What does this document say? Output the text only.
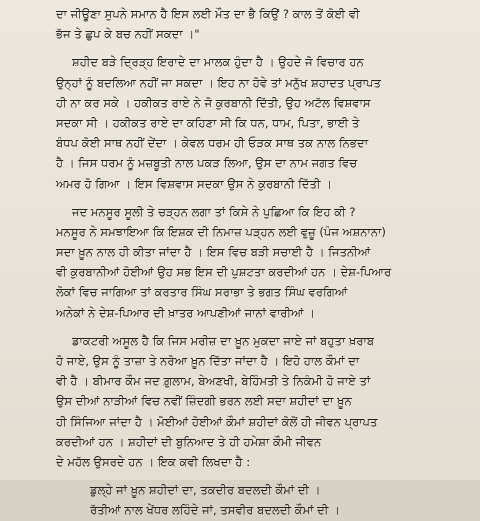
ਦਾ ਜੀਊਣਾ ਸੁਪਨੇ ਸਮਾਨ ਹੈ ਇਸ ਲਈ ਮੌਤ ਦਾ ਭੈ ਕਿਉਂ ? ਕਾਲ ਤੋਂ ਕੋਈ ਵੀ
ਭੱਜ ਤੇ ਛੁਪ ਕੇ ਬਚ ਨਹੀਂ ਸਕਦਾ ।"
ਸ਼ਹੀਦ ਬੜੇ ਦ੍ਰਿੜ੍ਹ ਇਰਾਦੇ ਦਾ ਮਾਲਕ ਹੁੰਦਾ ਹੈ । ਉਹਦੇ ਜੋ ਵਿਚਾਰ ਹਨ
ਉਨ੍ਹਾਂ ਨੂੰ ਬਦਲਿਆ ਨਹੀਂ ਜਾ ਸਕਦਾ । ਇਹ ਨਾ ਹੋਵੇ ਤਾਂ ਮਨੁੱਖ ਸ਼ਹਾਦਤ ਪ੍ਰਾਪਤ
ਹੀ ਨਾ ਕਰ ਸਕੇ । ਹਕੀਕਤ ਰਾਏ ਨੇ ਜੋ ਕੁਰਬਾਨੀ ਦਿੱਤੀ, ਉਹ ਅਟੱਲ ਵਿਸ਼ਵਾਸ
ਸਦਕਾ ਸੀ । ਹਕੀਕਤ ਰਾਏ ਦਾ ਕਹਿਣਾ ਸੀ ਕਿ ਧਨ, ਧਾਮ, ਪਿਤਾ, ਭਾਈ ਤੇ
ਬੰਧਪ ਕੋਈ ਸਾਥ ਨਹੀਂ ਦੇਂਦਾ । ਕੇਵਲ ਧਰਮ ਹੀ ਓੜਕ ਸਾਥ ਤਕ ਨਾਲ ਨਿਭਦਾ
ਹੈ । ਜਿਸ ਧਰਮ ਨੂੰ ਮਜ਼ਬੂਤੀ ਨਾਲ ਪਕੜ ਲਿਆ, ਉਸ ਦਾ ਨਾਮ ਜਗਤ ਵਿਚ
ਅਮਰ ਹੋ ਗਿਆ । ਇਸ ਵਿਸ਼ਵਾਸ ਸਦਕਾ ਉਸ ਨੇ ਕੁਰਬਾਨੀ ਦਿੱਤੀ ।
ਜਦ ਮਨਸੂਰ ਸੂਲੀ ਤੇ ਚੜ੍ਹਨ ਲਗਾ ਤਾਂ ਕਿਸੇ ਨੇ ਪੁਛਿਆ ਕਿ ਇਹ ਕੀ ?
ਮਨਸੂਰ ਨੇ ਸਮਝਾਇਆ ਕਿ ਇਸ਼ਕ ਦੀ ਨਿਮਾਜ਼ ਪੜ੍ਹਨ ਲਈ ਵੁਜ਼ੂ (ਪੰਜ ਅਸ਼ਨਾਨਾ)
ਸਦਾ ਖ਼ੂਨ ਨਾਲ ਹੀ ਕੀਤਾ ਜਾਂਦਾ ਹੈ । ਇਸ ਵਿਚ ਬੜੀ ਸਚਾਈ ਹੈ । ਜਿਤਨੀਆਂ
ਵੀ ਕੁਰਬਾਨੀਆਂ ਹੋਈਆਂ ਉਹ ਸਭ ਇਸ ਦੀ ਪੁਸ਼ਟਤਾ ਕਰਦੀਆਂ ਹਨ । ਦੇਸ਼-ਪਿਆਰ
ਲੋਕਾਂ ਵਿਚ ਜਾਗਿਆ ਤਾਂ ਕਰਤਾਰ ਸਿੰਘ ਸਰਾਭਾ ਤੇ ਭਗਤ ਸਿੰਘ ਵਰਗਿਆਂ
ਅਨੇਕਾਂ ਨੇ ਦੇਸ਼-ਪਿਆਰ ਦੀ ਖ਼ਾਤਰ ਆਪਣੀਆਂ ਜਾਨਾਂ ਵਾਰੀਆਂ ।
ਡਾਕਟਰੀ ਅਸੂਲ ਹੈ ਕਿ ਜਿਸ ਮਰੀਜ਼ ਦਾ ਖ਼ੂਨ ਮੁਕਦਾ ਜਾਏ ਜਾਂ ਬਹੁਤਾ ਖ਼ਰਾਬ
ਹੋ ਜਾਏ, ਉਸ ਨੂੰ ਤਾਜ਼ਾ ਤੇ ਨਰੋਆ ਖ਼ੂਨ ਦਿੱਤਾ ਜਾਂਦਾ ਹੈ । ਇਹੋ ਹਾਲ ਕੌਮਾਂ ਦਾ
ਵੀ ਹੈ । ਬੀਮਾਰ ਕੌਮ ਜਦ ਗ਼ੁਲਾਮ, ਬੇਅਣਖੀ, ਬੇਹਿੰਮਤੀ ਤੇ ਨਿਕੰਮੀ ਹੋ ਜਾਏ ਤਾਂ
ਉਸ ਦੀਆਂ ਨਾੜੀਆਂ ਵਿਚ ਨਵੀਂ ਜ਼ਿੰਦਗੀ ਭਰਨ ਲਈ ਸਦਾ ਸ਼ਹੀਦਾਂ ਦਾ ਖ਼ੂਨ
ਹੀ ਸਿੰਜਿਆ ਜਾਂਦਾ ਹੈ । ਮੋਈਆਂ ਹੋਈਆਂ ਕੌਮਾਂ ਸ਼ਹੀਦਾਂ ਕੋਲੋਂ ਹੀ ਜੀਵਨ ਪ੍ਰਾਪਤ
ਕਰਦੀਆਂ ਹਨ । ਸ਼ਹੀਦਾਂ ਦੀ ਬੁਨਿਆਦ ਤੇ ਹੀ ਹਮੇਸ਼ਾ ਕੌਮੀ ਜੀਵਨ
ਦੇ ਮਹੱਲ ਉਸਰਦੇ ਹਨ । ਇਕ ਕਵੀ ਲਿਖਦਾ ਹੈ :
ਡੁਲ੍ਹੇ ਜਾਂ ਖ਼ੂਨ ਸ਼ਹੀਦਾਂ ਦਾ, ਤਕਦੀਰ ਬਦਲਦੀ ਕੌਮਾਂ ਦੀ ।
ਰੱਤੀਆਂ ਨਾਲ ਖੇਂਧਰ ਲਹਿੰਦੇ ਜਾਂ, ਤਸਵੀਰ ਬਦਲਦੀ ਕੌਮਾਂ ਦੀ ।
